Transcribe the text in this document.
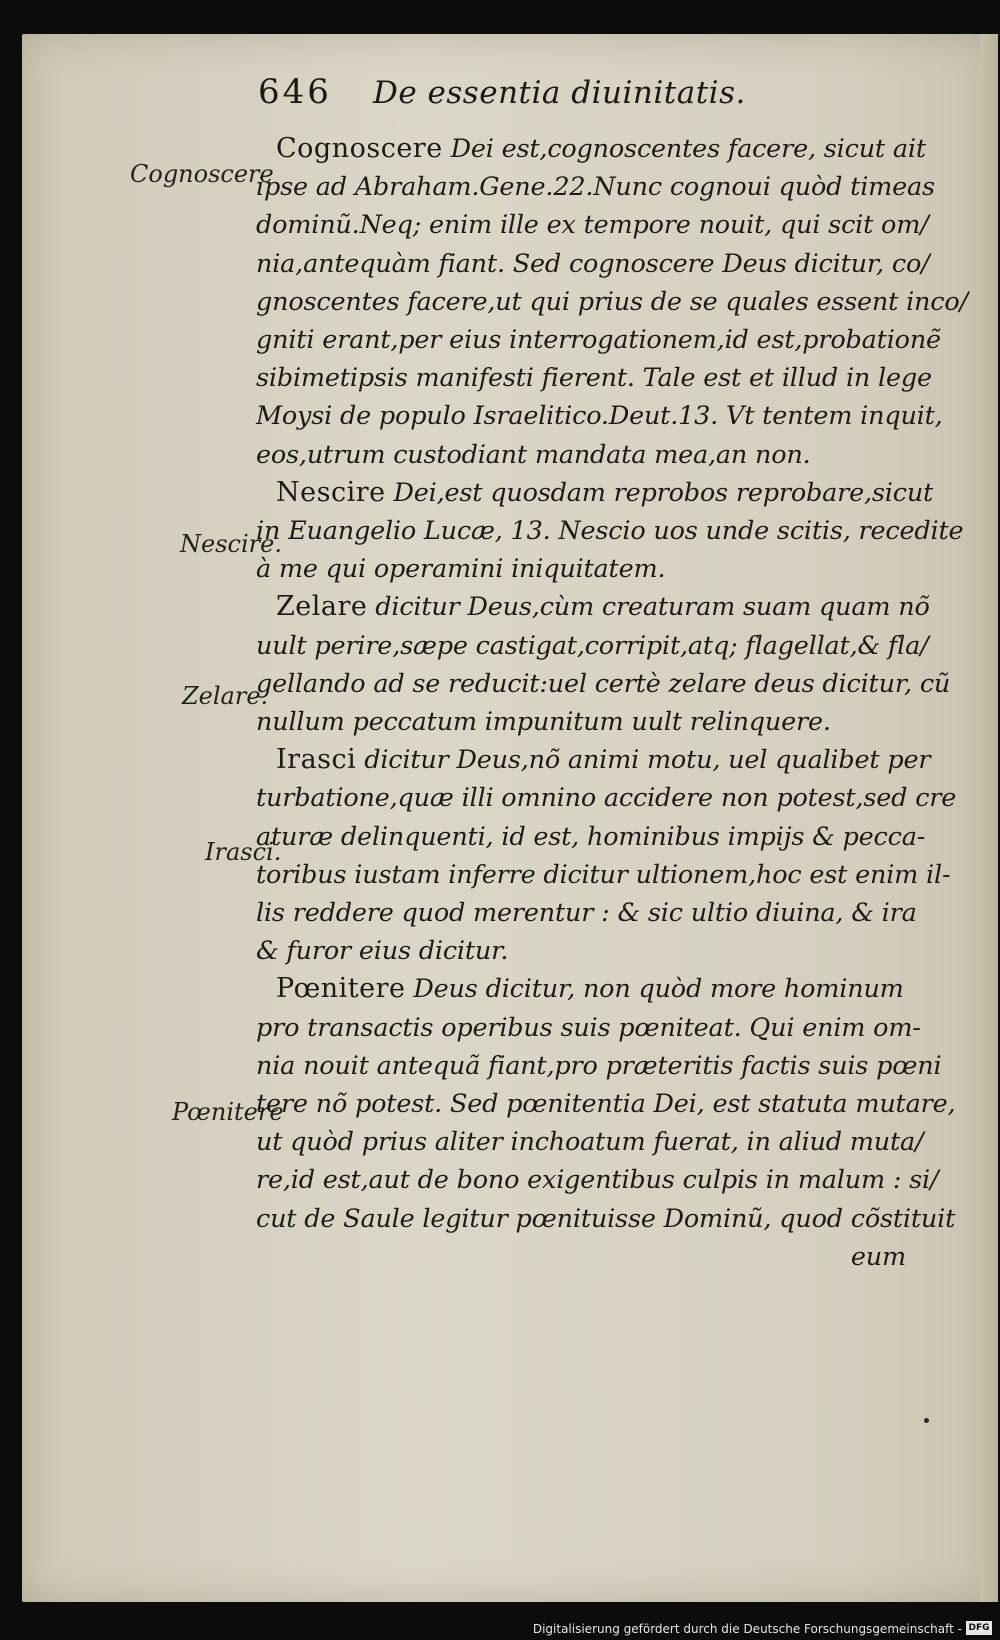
646 De essentia diuinitatis.
Cognoscere
Nescire.
Zelare.
Irasci.
Pœnitere

Cognoscere Dei est,cognoscentes facere, sicut ait
ipse ad Abraham.Gene.22.Nunc cognoui quòd timeas
dominũ.Neq; enim ille ex tempore nouit, qui scit om/
nia,antequàm fiant. Sed cognoscere Deus dicitur, co/
gnoscentes facere,ut qui prius de se quales essent inco/
gniti erant,per eius interrogationem,id est,probationẽ
sibimetipsis manifesti fierent. Tale est et illud in lege
Moysi de populo Israelitico.Deut.13. Vt tentem inquit,
eos,utrum custodiant mandata mea,an non.

Nescire Dei,est quosdam reprobos reprobare,sicut
in Euangelio Lucæ, 13. Nescio uos unde scitis, recedite
à me qui operamini iniquitatem.

Zelare dicitur Deus,cùm creaturam suam quam nõ
uult perire,sæpe castigat,corripit,atq; flagellat,& fla/
gellando ad se reducit:uel certè zelare deus dicitur, cũ
nullum peccatum impunitum uult relinquere.

Irasci dicitur Deus,nõ animi motu, uel qualibet per
turbatione,quæ illi omnino accidere non potest,sed cre
aturæ delinquenti, id est, hominibus impijs & pecca-
toribus iustam inferre dicitur ultionem,hoc est enim il-
lis reddere quod merentur : & sic ultio diuina, & ira
& furor eius dicitur.

Pœnitere Deus dicitur, non quòd more hominum
pro transactis operibus suis pœniteat. Qui enim om-
nia nouit antequã fiant,pro præteritis factis suis pœni
tere nõ potest. Sed pœnitentia Dei, est statuta mutare,
ut quòd prius aliter inchoatum fuerat, in aliud muta/
re,id est,aut de bono exigentibus culpis in malum : si/
cut de Saule legitur pœnituisse Dominũ, quod cõstituit
eum

Digitalisierung gefördert durch die Deutsche Forschungsgemeinschaft - DFG
